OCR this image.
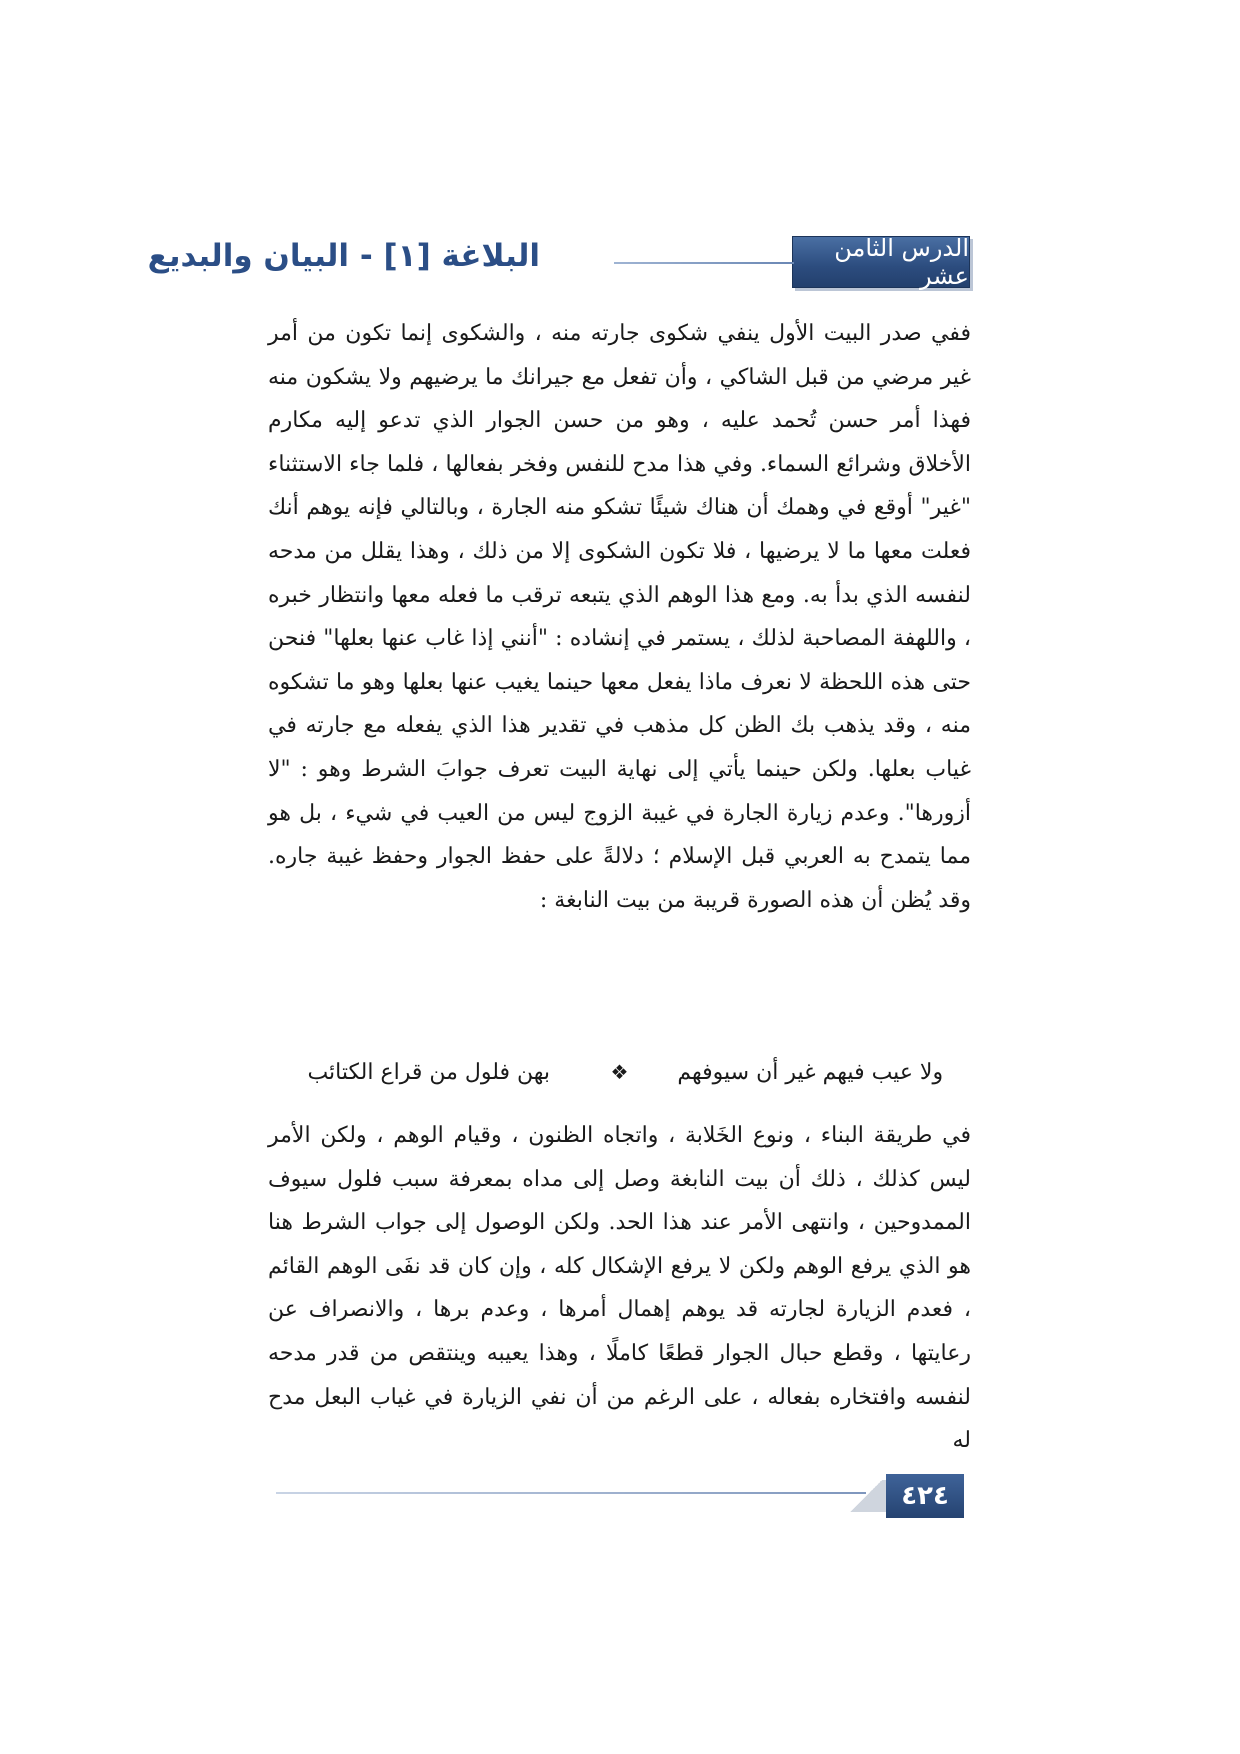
الدرس الثامن عشر
البلاغة [١] - البيان والبديع

ففي صدر البيت الأول ينفي شكوى جارته منه ، والشكوى إنما تكون من أمر غير مرضي من قبل الشاكي ، وأن تفعل مع جيرانك ما يرضيهم ولا يشكون منه فهذا أمر حسن تُحمد عليه ، وهو من حسن الجوار الذي تدعو إليه مكارم الأخلاق وشرائع السماء. وفي هذا مدح للنفس وفخر بفعالها ، فلما جاء الاستثناء "غير" أوقع في وهمك أن هناك شيئًا تشكو منه الجارة ، وبالتالي فإنه يوهم أنك فعلت معها ما لا يرضيها ، فلا تكون الشكوى إلا من ذلك ، وهذا يقلل من مدحه لنفسه الذي بدأ به. ومع هذا الوهم الذي يتبعه ترقب ما فعله معها وانتظار خبره ، واللهفة المصاحبة لذلك ، يستمر في إنشاده : "أنني إذا غاب عنها بعلها" فنحن حتى هذه اللحظة لا نعرف ماذا يفعل معها حينما يغيب عنها بعلها وهو ما تشكوه منه ، وقد يذهب بك الظن كل مذهب في تقدير هذا الذي يفعله مع جارته في غياب بعلها. ولكن حينما يأتي إلى نهاية البيت تعرف جوابَ الشرط وهو : "لا أزورها". وعدم زيارة الجارة في غيبة الزوج ليس من العيب في شيء ، بل هو مما يتمدح به العربي قبل الإسلام ؛ دلالةً على حفظ الجوار وحفظ غيبة جاره. وقد يُظن أن هذه الصورة قريبة من بيت النابغة :

ولا عيب فيهم غير أن سيوفهم
❖
بهن فلول من قراع الكتائب

في طريقة البناء ، ونوع الخَلابة ، واتجاه الظنون ، وقيام الوهم ، ولكن الأمر ليس كذلك ، ذلك أن بيت النابغة وصل إلى مداه بمعرفة سبب فلول سيوف الممدوحين ، وانتهى الأمر عند هذا الحد. ولكن الوصول إلى جواب الشرط هنا هو الذي يرفع الوهم ولكن لا يرفع الإشكال كله ، وإن كان قد نفَى الوهم القائم ، فعدم الزيارة لجارته قد يوهم إهمال أمرها ، وعدم برها ، والانصراف عن رعايتها ، وقطع حبال الجوار قطعًا كاملًا ، وهذا يعيبه وينتقص من قدر مدحه لنفسه وافتخاره بفعاله ، على الرغم من أن نفي الزيارة في غياب البعل مدح له

٤٢٤
